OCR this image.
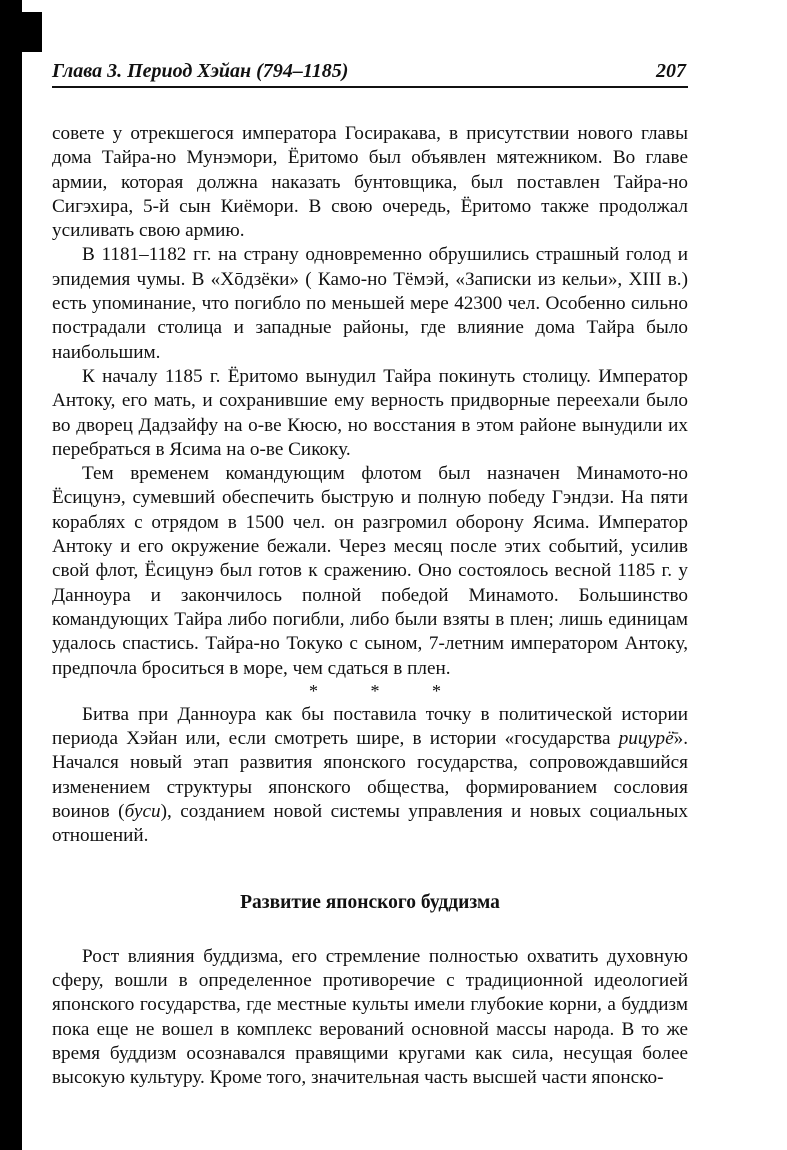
Глава 3. Период Хэйан (794–1185)	207

советe у отрекшегося императора Госиракава, в присутствии нового главы дома Тайра-но Мунэмори, Ёритомо был объявлен мятежником. Во главе армии, которая должна наказать бунтовщика, был поставлен Тайра-но Сигэхира, 5-й сын Киёмори. В свою очередь, Ёритомо также продолжал усиливать свою армию.

В 1181–1182 гг. на страну одновременно обрушились страшный голод и эпидемия чумы. В «Хōдзёки» ( Камо-но Тёмэй, «Записки из кельи», XIII в.) есть упоминание, что погибло по меньшей мере 42300 чел. Особенно сильно пострадали столица и западные районы, где влияние дома Тайра было наибольшим.

К началу 1185 г. Ёритомо вынудил Тайра покинуть столицу. Император Антоку, его мать, и сохранившие ему верность придворные переехали было во дворец Дадзайфу на о-ве Кюсю, но восстания в этом районе вынудили их перебраться в Ясима на о-ве Сикоку.

Тем временем командующим флотом был назначен Минамото-но Ёсицунэ, сумевший обеспечить быструю и полную победу Гэндзи. На пяти кораблях с отрядом в 1500 чел. он разгромил оборону Ясима. Император Антоку и его окружение бежали. Через месяц после этих событий, усилив свой флот, Ёсицунэ был готов к сражению. Оно состоялось весной 1185 г. у Данноура и закончилось полной победой Минамото. Большинство командующих Тайра либо погибли, либо были взяты в плен; лишь единицам удалось спастись. Тайра-но Токуко с сыном, 7-летним императором Антоку, предпочла броситься в море, чем сдаться в плен.

* * *

Битва при Данноура как бы поставила точку в политической истории периода Хэйан или, если смотреть шире, в истории «государства рицурё̄». Начался новый этап развития японского государства, сопровождавшийся изменением структуры японского общества, формированием сословия воинов (буси), созданием новой системы управления и новых социальных отношений.

Развитие японского буддизма

Рост влияния буддизма, его стремление полностью охватить духовную сферу, вошли в определенное противоречие с традиционной идеологией японского государства, где местные культы имели глубокие корни, а буддизм пока еще не вошел в комплекс верований основной массы народа. В то же время буддизм осознавался правящими кругами как сила, несущая более высокую культуру. Кроме того, значительная часть высшей части японско-
